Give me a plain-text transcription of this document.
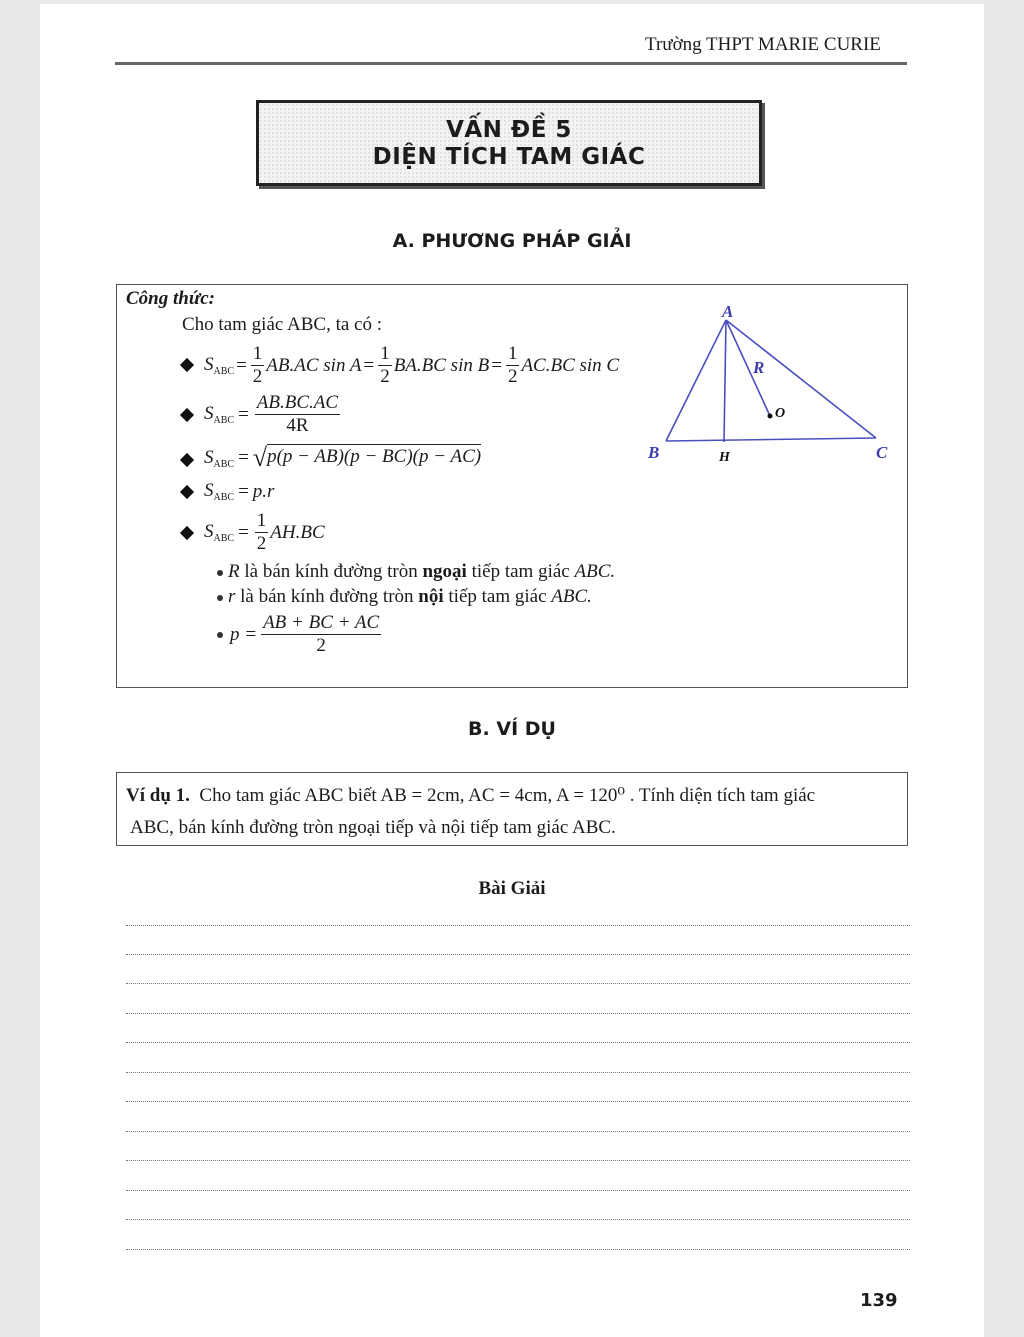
Trường THPT MARIE CURIE
VẤN ĐỀ 5
DIỆN TÍCH TAM GIÁC
A. PHƯƠNG PHÁP GIẢI
Công thức:
Cho tam giác ABC, ta có :
$S_{ABC} = \frac{1}{2} AB.AC$ $\sin A = \frac{1}{2} BA.BC$ $\sin B = \frac{1}{2} AC.BC$ sin C
$S_{ABC} = \frac{AB.BC.AC}{4R}$
$S_{ABC}$ = √ p(p − AB)(p − BC)(p − AC)
$S_{ABC} = p.r$
$S_{ABC} = \frac{1}{2} AH.BC$
R là bán kính đường tròn ngoại tiếp tam giác ABC.
r là bán kính đường tròn nội tiếp tam giác ABC.
$p = \frac{AB + BC + AC}{2}$
A
B	C
H
R
O
B. VÍ DỤ
Ví dụ 1. Cho tam giác ABC biết AB = 2cm, AC = 4cm, A = 120⁰ . Tính diện tích tam giác
ABC, bán kính đường tròn ngoại tiếp và nội tiếp tam giác ABC.
Bài Giải
139
